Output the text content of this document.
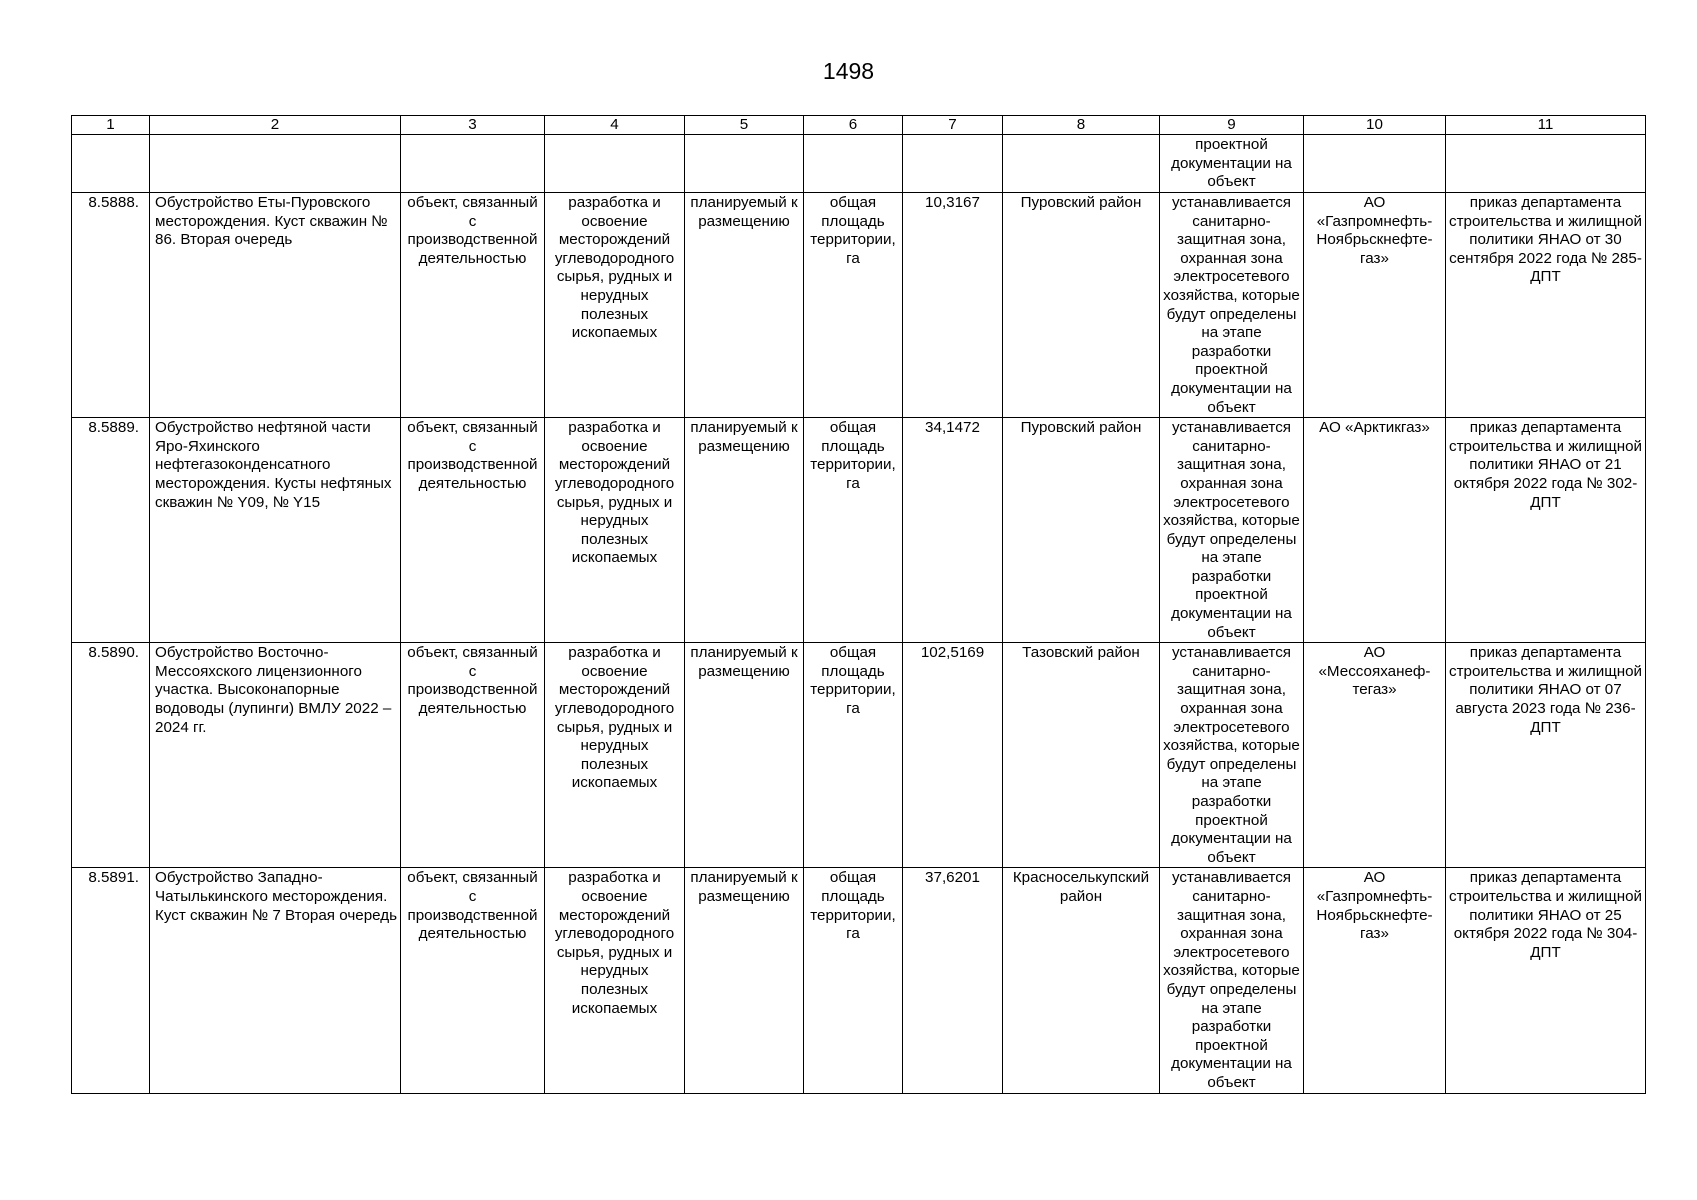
1498
1	2	3	4	5	6	7	8	9	10	11
								проектной документации на объект		
8.5888.	Обустройство Еты-Пуровского месторождения. Куст скважин № 86. Вторая очередь	объект, связанный с производственной деятельностью	разработка и освоение месторождений углеводородного сырья, рудных и нерудных полезных ископаемых	планируемый к размещению	общая площадь территории, га	10,3167	Пуровский район	устанавливается санитарно-защитная зона, охранная зона электросетевого хозяйства, которые будут определены на этапе разработки проектной документации на объект	АО «Газпромнефть-Ноябрьскнефте-газ»	приказ департамента строительства и жилищной политики ЯНАО от 30 сентября 2022 года № 285-ДПТ
8.5889.	Обустройство нефтяной части Яро-Яхинского нефтегазоконденсатного месторождения. Кусты нефтяных скважин № Y09, № Y15	объект, связанный с производственной деятельностью	разработка и освоение месторождений углеводородного сырья, рудных и нерудных полезных ископаемых	планируемый к размещению	общая площадь территории, га	34,1472	Пуровский район	устанавливается санитарно-защитная зона, охранная зона электросетевого хозяйства, которые будут определены на этапе разработки проектной документации на объект	АО «Арктикгаз»	приказ департамента строительства и жилищной политики ЯНАО от 21 октября 2022 года № 302-ДПТ
8.5890.	Обустройство Восточно-Мессояхского лицензионного участка. Высоконапорные водоводы (лупинги) ВМЛУ 2022 – 2024 гг.	объект, связанный с производственной деятельностью	разработка и освоение месторождений углеводородного сырья, рудных и нерудных полезных ископаемых	планируемый к размещению	общая площадь территории, га	102,5169	Тазовский район	устанавливается санитарно-защитная зона, охранная зона электросетевого хозяйства, которые будут определены на этапе разработки проектной документации на объект	АО «Мессояханеф-тегаз»	приказ департамента строительства и жилищной политики ЯНАО от 07 августа 2023 года № 236-ДПТ
8.5891.	Обустройство Западно-Чатылькинского месторождения. Куст скважин № 7 Вторая очередь	объект, связанный с производственной деятельностью	разработка и освоение месторождений углеводородного сырья, рудных и нерудных полезных ископаемых	планируемый к размещению	общая площадь территории, га	37,6201	Красноселькупский район	устанавливается санитарно-защитная зона, охранная зона электросетевого хозяйства, которые будут определены на этапе разработки проектной документации на объект	АО «Газпромнефть-Ноябрьскнефте-газ»	приказ департамента строительства и жилищной политики ЯНАО от 25 октября 2022 года № 304-ДПТ
